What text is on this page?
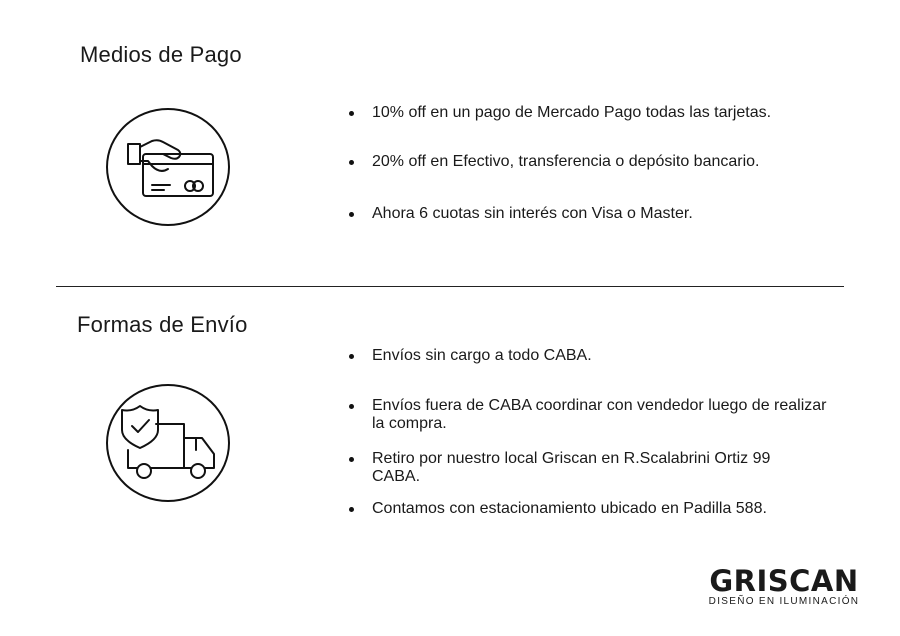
Medios de Pago
10% off en un pago de Mercado Pago todas las tarjetas.
20% off en Efectivo, transferencia o depósito bancario.
Ahora 6 cuotas sin interés con Visa o Master.
Formas de Envío
Envíos sin cargo a todo CABA.
Envíos fuera de CABA coordinar con vendedor luego de realizar la compra.
Retiro por nuestro local Griscan en R.Scalabrini Ortiz 99 CABA.
Contamos con estacionamiento ubicado en Padilla 588.
GRISCAN
DISEÑO EN ILUMINACIÓN
